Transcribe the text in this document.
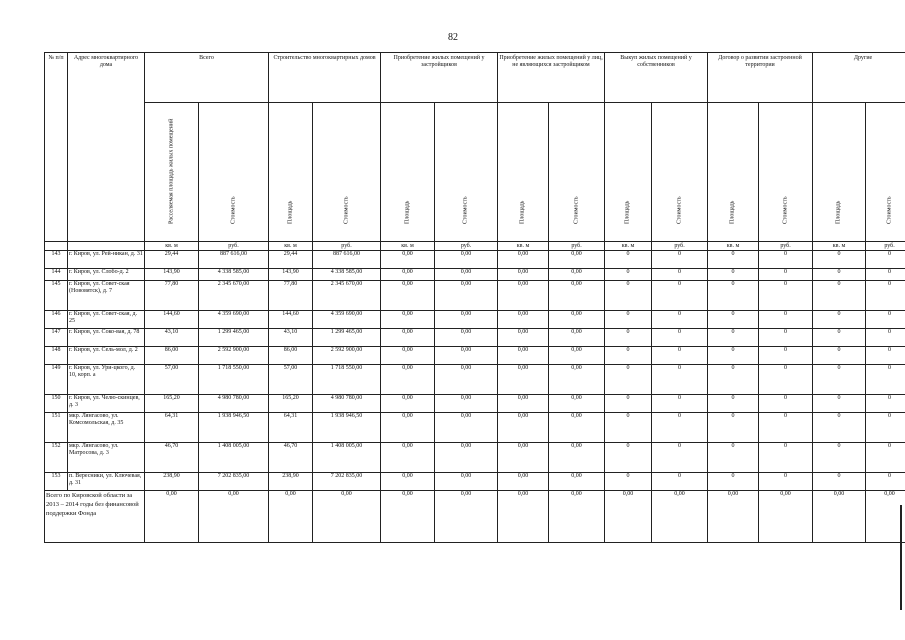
82
№ п/п	Адрес многоквартирного дома	Всего		Строительство многоквартирных домов		Приобретение жилых помещений у застройщиков		Приобретение жилых помещений у лиц, не являющихся застройщиком		Выкуп жилых помещений у собственников		Договор о развитии застроенной территории		Другие	

		Расселяемая площадь жилых помещений	Стоимость	Площадь	Стоимость	Площадь	Стоимость	Площадь	Стоимость	Площадь	Стоимость	Площадь	Стоимость	Площадь	Стоимость

		кв. м	руб.	кв. м	руб.	кв. м	руб.	кв. м	руб.	кв. м	руб.	кв. м	руб.	кв. м	руб.
143	г. Киров, ул. Рей-никан, д. 31	29,44	887 616,00	29,44	887 616,00	0,00	0,00	0,00	0,00	0	0	0	0	0	0
144	г. Киров, ул. Слобо-д. 2	143,90	4 338 585,00	143,90	4 338 585,00	0,00	0,00	0,00	0,00	0	0	0	0	0	0
145	г. Киров, ул. Совет-ская (Нововятск), д. 7	77,80	2 345 670,00	77,80	2 345 670,00	0,00	0,00	0,00	0,00	0	0	0	0	0	0
146	г. Киров, ул. Совет-ская, д. 25	144,60	4 359 690,00	144,60	4 359 690,00	0,00	0,00	0,00	0,00	0	0	0	0	0	0
147	г. Киров, ул. Соко-вая, д. 78	43,10	1 299 465,00	43,10	1 299 465,00	0,00	0,00	0,00	0,00	0	0	0	0	0	0
148	г. Киров, ул. Сель-мол, д. 2	86,00	2 592 900,00	86,00	2 592 900,00	0,00	0,00	0,00	0,00	0	0	0	0	0	0
149	г. Киров, ул. Ури-цкого, д. 10, корп. а	57,00	1 718 550,00	57,00	1 718 550,00	0,00	0,00	0,00	0,00	0	0	0	0	0	0
150	г. Киров, ул. Челю-скинцев, д. 3	165,20	4 980 780,00	165,20	4 980 780,00	0,00	0,00	0,00	0,00	0	0	0	0	0	0
151	мкр. Лянгасово, ул. Комсомольская, д. 35	64,31	1 938 946,50	64,31	1 938 946,50	0,00	0,00	0,00	0,00	0	0	0	0	0	0
152	мкр. Лянгасово, ул. Матросова, д. 3	46,70	1 408 005,00	46,70	1 408 005,00	0,00	0,00	0,00	0,00	0	0	0	0	0	0
153	п. Вересники, ул. Ключевая, д. 31	238,90	7 202 835,00	238,90	7 202 835,00	0,00	0,00	0,00	0,00	0	0	0	0	0	0
Всего по Кировской области за 2013 – 2014 годы без финансовой поддержки Фонда		0,00	0,00	0,00	0,00	0,00	0,00	0,00	0,00	0,00	0,00	0,00	0,00	0,00	0,00
